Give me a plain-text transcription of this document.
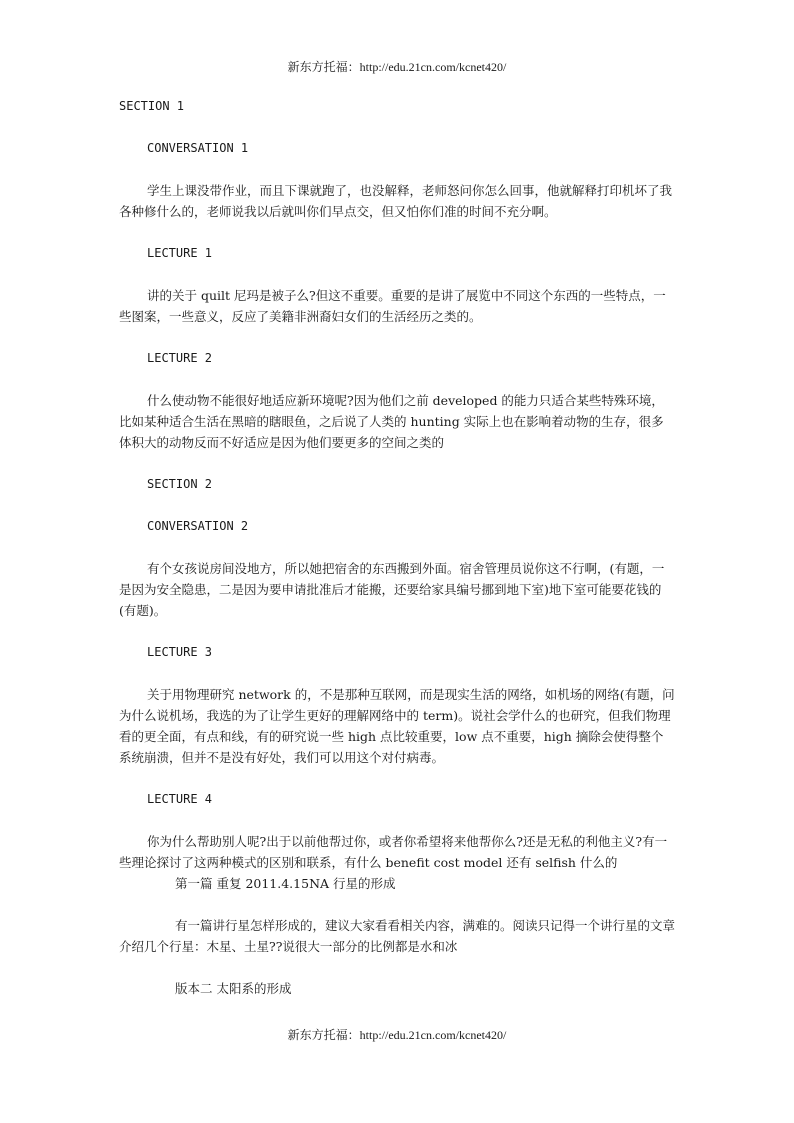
新东方托福：http://edu.21cn.com/kcnet420/

SECTION 1

CONVERSATION 1

学生上课没带作业，而且下课就跑了，也没解释，老师怒问你怎么回事，他就解释打印机坏了我各种修什么的，老师说我以后就叫你们早点交，但又怕你们准的时间不充分啊。

LECTURE 1

讲的关于 quilt 尼玛是被子么?但这不重要。重要的是讲了展览中不同这个东西的一些特点，一些图案，一些意义，反应了美籍非洲裔妇女们的生活经历之类的。

LECTURE 2

什么使动物不能很好地适应新环境呢?因为他们之前 developed 的能力只适合某些特殊环境，比如某种适合生活在黑暗的瞎眼鱼，之后说了人类的 hunting 实际上也在影响着动物的生存，很多体积大的动物反而不好适应是因为他们要更多的空间之类的

SECTION 2

CONVERSATION 2

有个女孩说房间没地方，所以她把宿舍的东西搬到外面。宿舍管理员说你这不行啊，(有题，一是因为安全隐患，二是因为要申请批准后才能搬，还要给家具编号挪到地下室)地下室可能要花钱的(有题)。

LECTURE 3

关于用物理研究 network 的，不是那种互联网，而是现实生活的网络，如机场的网络(有题，问为什么说机场，我选的为了让学生更好的理解网络中的 term)。说社会学什么的也研究，但我们物理看的更全面，有点和线，有的研究说一些 high 点比较重要，low 点不重要，high 摘除会使得整个系统崩溃，但并不是没有好处，我们可以用这个对付病毒。

LECTURE 4

你为什么帮助别人呢?出于以前他帮过你，或者你希望将来他帮你么?还是无私的利他主义?有一些理论探讨了这两种模式的区别和联系，有什么 benefit cost model 还有 selfish 什么的

第一篇 重复 2011.4.15NA 行星的形成

有一篇讲行星怎样形成的，建议大家看看相关内容，满难的。阅读只记得一个讲行星的文章介绍几个行星：木星、土星??说很大一部分的比例都是水和冰

版本二 太阳系的形成

新东方托福：http://edu.21cn.com/kcnet420/
